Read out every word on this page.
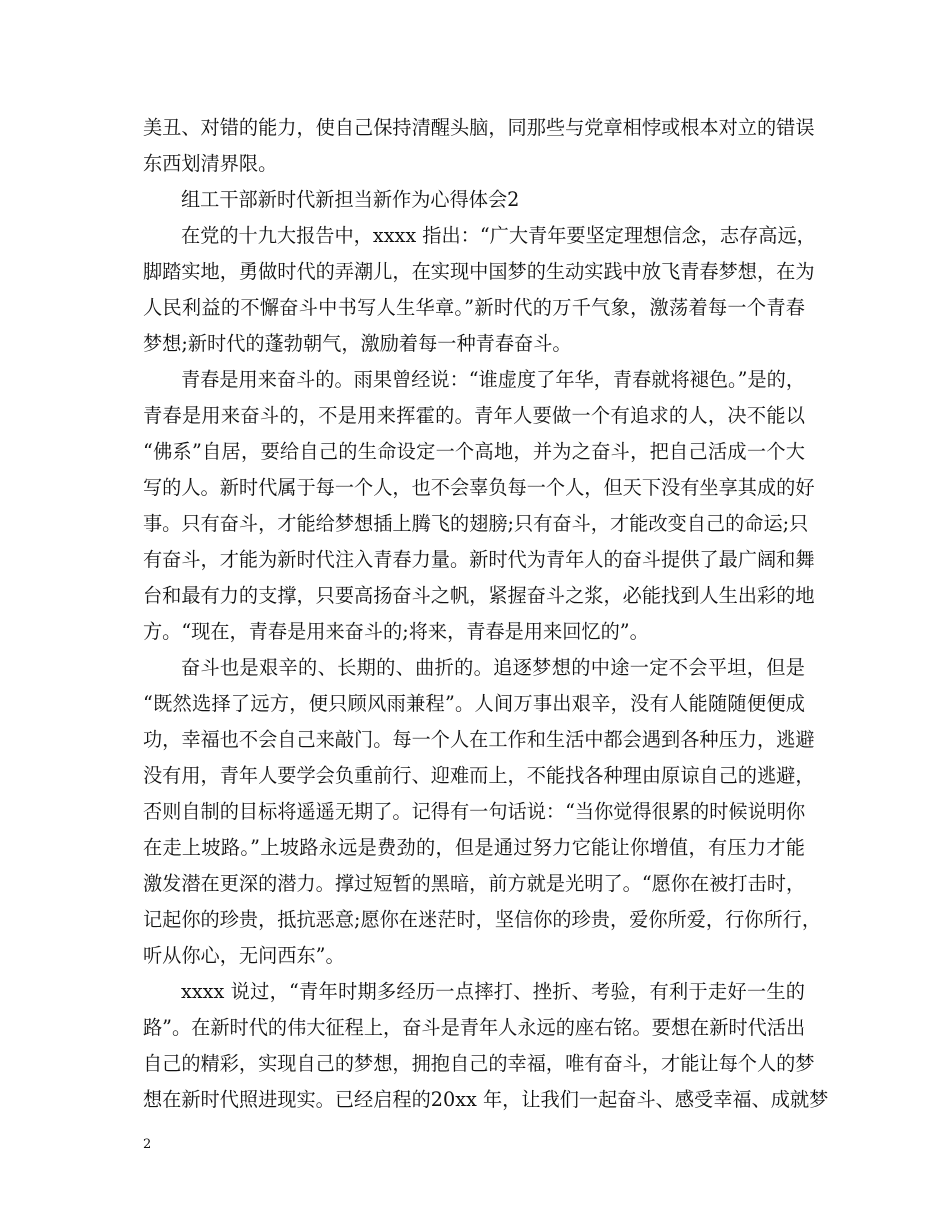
美丑、对错的能力，使自己保持清醒头脑，同那些与党章相悖或根本对立的错误
东西划清界限。
组工干部新时代新担当新作为心得体会2
在党的十九大报告中，xxxx 指出：“广大青年要坚定理想信念，志存高远，
脚踏实地，勇做时代的弄潮儿，在实现中国梦的生动实践中放飞青春梦想，在为
人民利益的不懈奋斗中书写人生华章。”新时代的万千气象，激荡着每一个青春
梦想;新时代的蓬勃朝气，激励着每一种青春奋斗。
青春是用来奋斗的。雨果曾经说：“谁虚度了年华，青春就将褪色。”是的，
青春是用来奋斗的，不是用来挥霍的。青年人要做一个有追求的人，决不能以
“佛系”自居，要给自己的生命设定一个高地，并为之奋斗，把自己活成一个大
写的人。新时代属于每一个人，也不会辜负每一个人，但天下没有坐享其成的好
事。只有奋斗，才能给梦想插上腾飞的翅膀;只有奋斗，才能改变自己的命运;只
有奋斗，才能为新时代注入青春力量。新时代为青年人的奋斗提供了最广阔和舞
台和最有力的支撑，只要高扬奋斗之帆，紧握奋斗之浆，必能找到人生出彩的地
方。“现在，青春是用来奋斗的;将来，青春是用来回忆的”。
奋斗也是艰辛的、长期的、曲折的。追逐梦想的中途一定不会平坦，但是
“既然选择了远方，便只顾风雨兼程”。人间万事出艰辛，没有人能随随便便成
功，幸福也不会自己来敲门。每一个人在工作和生活中都会遇到各种压力，逃避
没有用，青年人要学会负重前行、迎难而上，不能找各种理由原谅自己的逃避，
否则自制的目标将遥遥无期了。记得有一句话说：“当你觉得很累的时候说明你
在走上坡路。”上坡路永远是费劲的，但是通过努力它能让你增值，有压力才能
激发潜在更深的潜力。撑过短暂的黑暗，前方就是光明了。“愿你在被打击时，
记起你的珍贵，抵抗恶意;愿你在迷茫时，坚信你的珍贵，爱你所爱，行你所行，
听从你心，无问西东”。
xxxx 说过，“青年时期多经历一点摔打、挫折、考验，有利于走好一生的
路”。在新时代的伟大征程上，奋斗是青年人永远的座右铭。要想在新时代活出
自己的精彩，实现自己的梦想，拥抱自己的幸福，唯有奋斗，才能让每个人的梦
想在新时代照进现实。已经启程的20xx 年，让我们一起奋斗、感受幸福、成就梦
2
